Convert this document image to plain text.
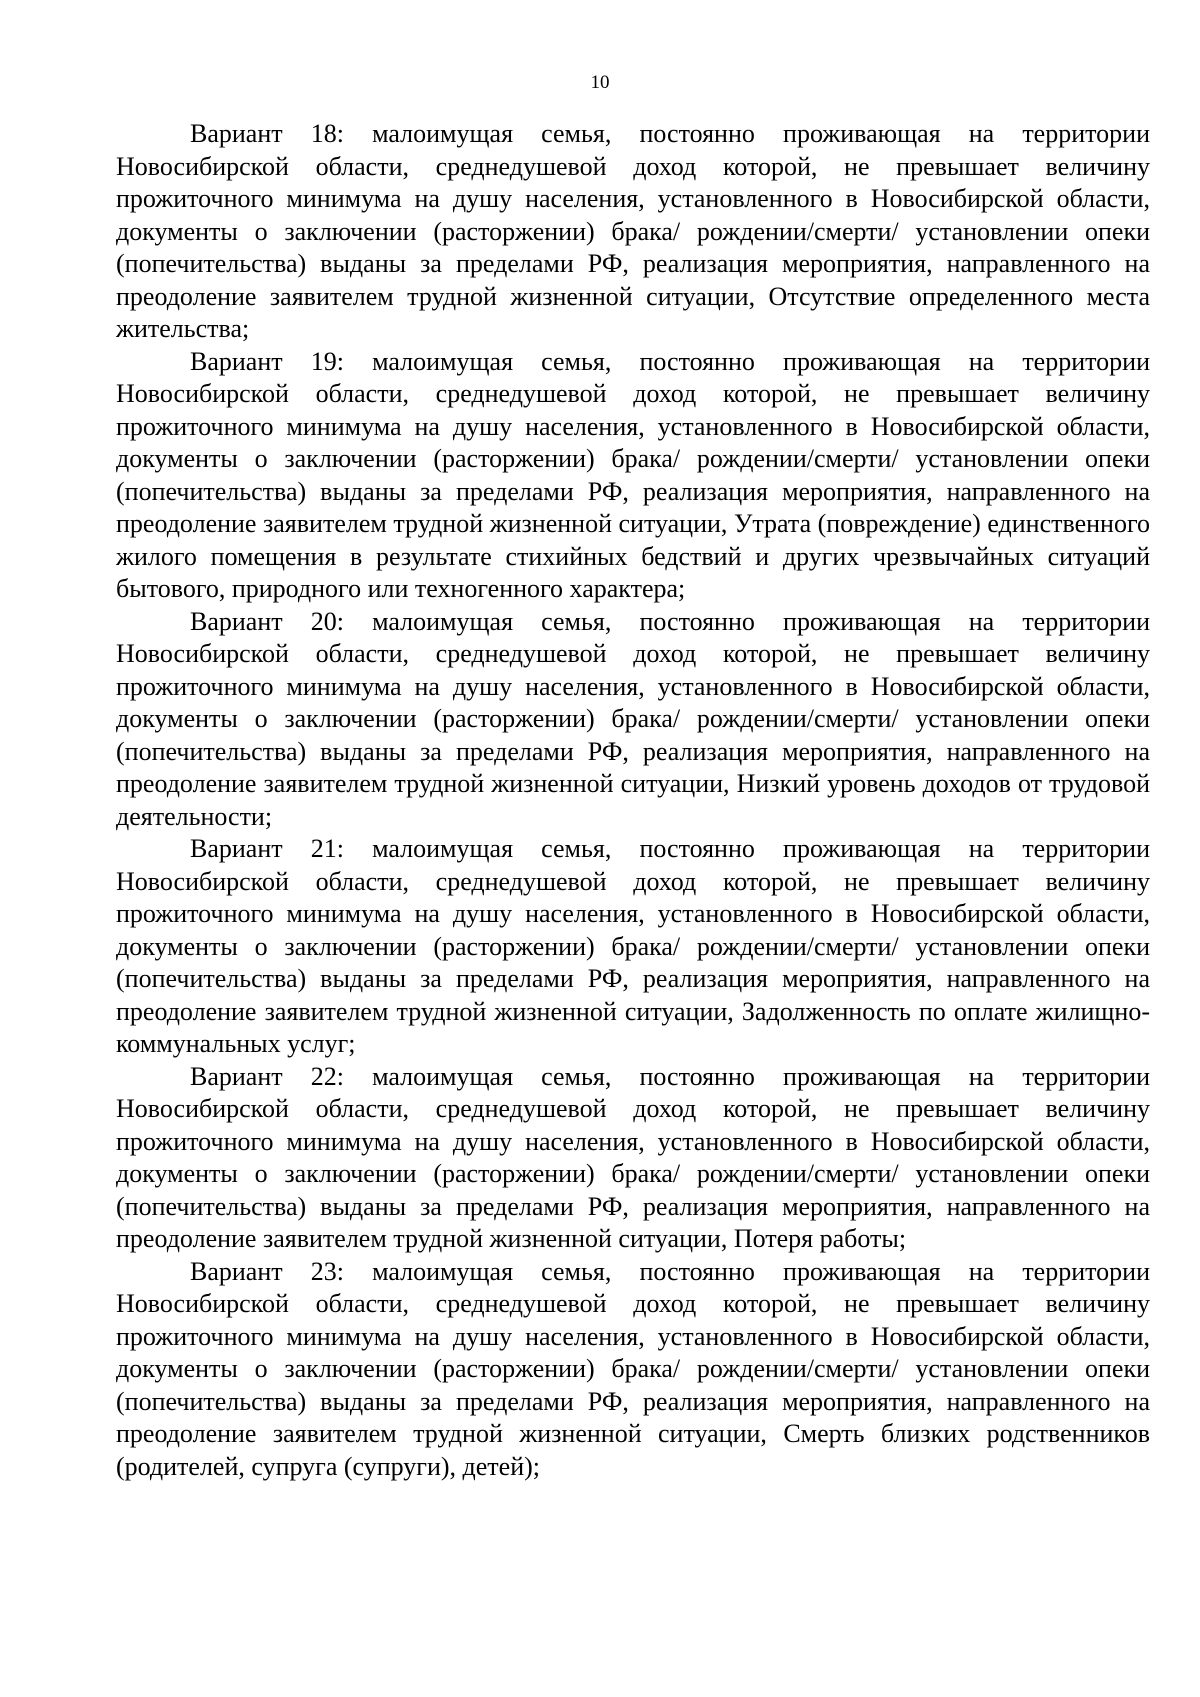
10

Вариант 18: малоимущая семья, постоянно проживающая на территории Новосибирской области, среднедушевой доход которой, не превышает величину прожиточного минимума на душу населения, установленного в Новосибирской области, документы о заключении (расторжении) брака/ рождении/смерти/ установлении опеки (попечительства) выданы за пределами РФ, реализация мероприятия, направленного на преодоление заявителем трудной жизненной ситуации, Отсутствие определенного места жительства;

Вариант 19: малоимущая семья, постоянно проживающая на территории Новосибирской области, среднедушевой доход которой, не превышает величину прожиточного минимума на душу населения, установленного в Новосибирской области, документы о заключении (расторжении) брака/ рождении/смерти/ установлении опеки (попечительства) выданы за пределами РФ, реализация мероприятия, направленного на преодоление заявителем трудной жизненной ситуации, Утрата (повреждение) единственного жилого помещения в результате стихийных бедствий и других чрезвычайных ситуаций бытового, природного или техногенного характера;

Вариант 20: малоимущая семья, постоянно проживающая на территории Новосибирской области, среднедушевой доход которой, не превышает величину прожиточного минимума на душу населения, установленного в Новосибирской области, документы о заключении (расторжении) брака/ рождении/смерти/ установлении опеки (попечительства) выданы за пределами РФ, реализация мероприятия, направленного на преодоление заявителем трудной жизненной ситуации, Низкий уровень доходов от трудовой деятельности;

Вариант 21: малоимущая семья, постоянно проживающая на территории Новосибирской области, среднедушевой доход которой, не превышает величину прожиточного минимума на душу населения, установленного в Новосибирской области, документы о заключении (расторжении) брака/ рождении/смерти/ установлении опеки (попечительства) выданы за пределами РФ, реализация мероприятия, направленного на преодоление заявителем трудной жизненной ситуации, Задолженность по оплате жилищно-коммунальных услуг;

Вариант 22: малоимущая семья, постоянно проживающая на территории Новосибирской области, среднедушевой доход которой, не превышает величину прожиточного минимума на душу населения, установленного в Новосибирской области, документы о заключении (расторжении) брака/ рождении/смерти/ установлении опеки (попечительства) выданы за пределами РФ, реализация мероприятия, направленного на преодоление заявителем трудной жизненной ситуации, Потеря работы;

Вариант 23: малоимущая семья, постоянно проживающая на территории Новосибирской области, среднедушевой доход которой, не превышает величину прожиточного минимума на душу населения, установленного в Новосибирской области, документы о заключении (расторжении) брака/ рождении/смерти/ установлении опеки (попечительства) выданы за пределами РФ, реализация мероприятия, направленного на преодоление заявителем трудной жизненной ситуации, Смерть близких родственников (родителей, супруга (супруги), детей);
